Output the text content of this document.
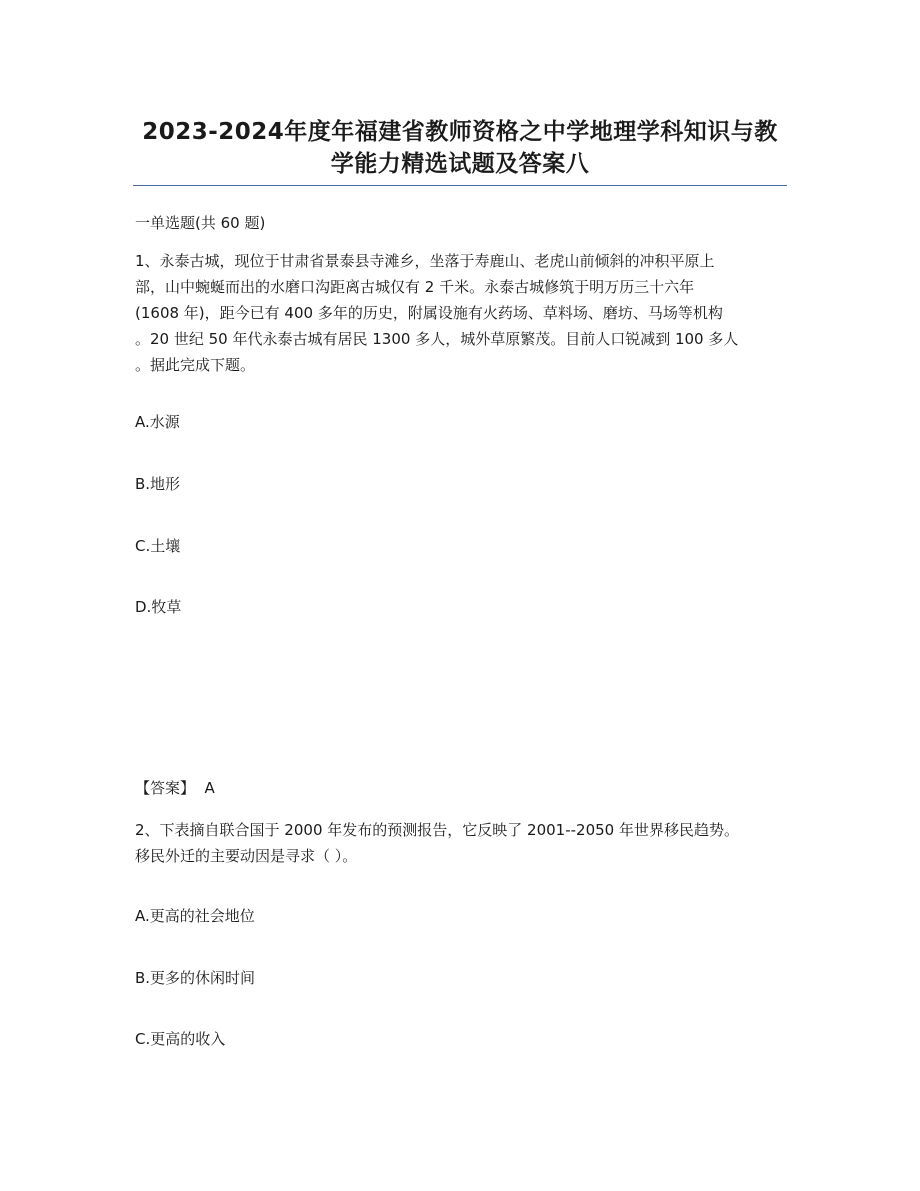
2023-2024年度年福建省教师资格之中学地理学科知识与教
学能力精选试题及答案八

一单选题(共 60 题)

1、永泰古城，现位于甘肃省景泰县寺滩乡，坐落于寿鹿山、老虎山前倾斜的冲积平原上
部，山中蜿蜒而出的水磨口沟距离古城仅有 2 千米。永泰古城修筑于明万历三十六年
(1608 年)，距今已有 400 多年的历史，附属设施有火药场、草料场、磨坊、马场等机构
。20 世纪 50 年代永泰古城有居民 1300 多人，城外草原繁茂。目前人口锐减到 100 多人
。据此完成下题。

A.水源

B.地形

C.土壤

D.牧草

【答案】  A

2、下表摘自联合国于 2000 年发布的预测报告，它反映了 2001--2050 年世界移民趋势。
移民外迁的主要动因是寻求（ ）。

A.更高的社会地位

B.更多的休闲时间

C.更高的收入
